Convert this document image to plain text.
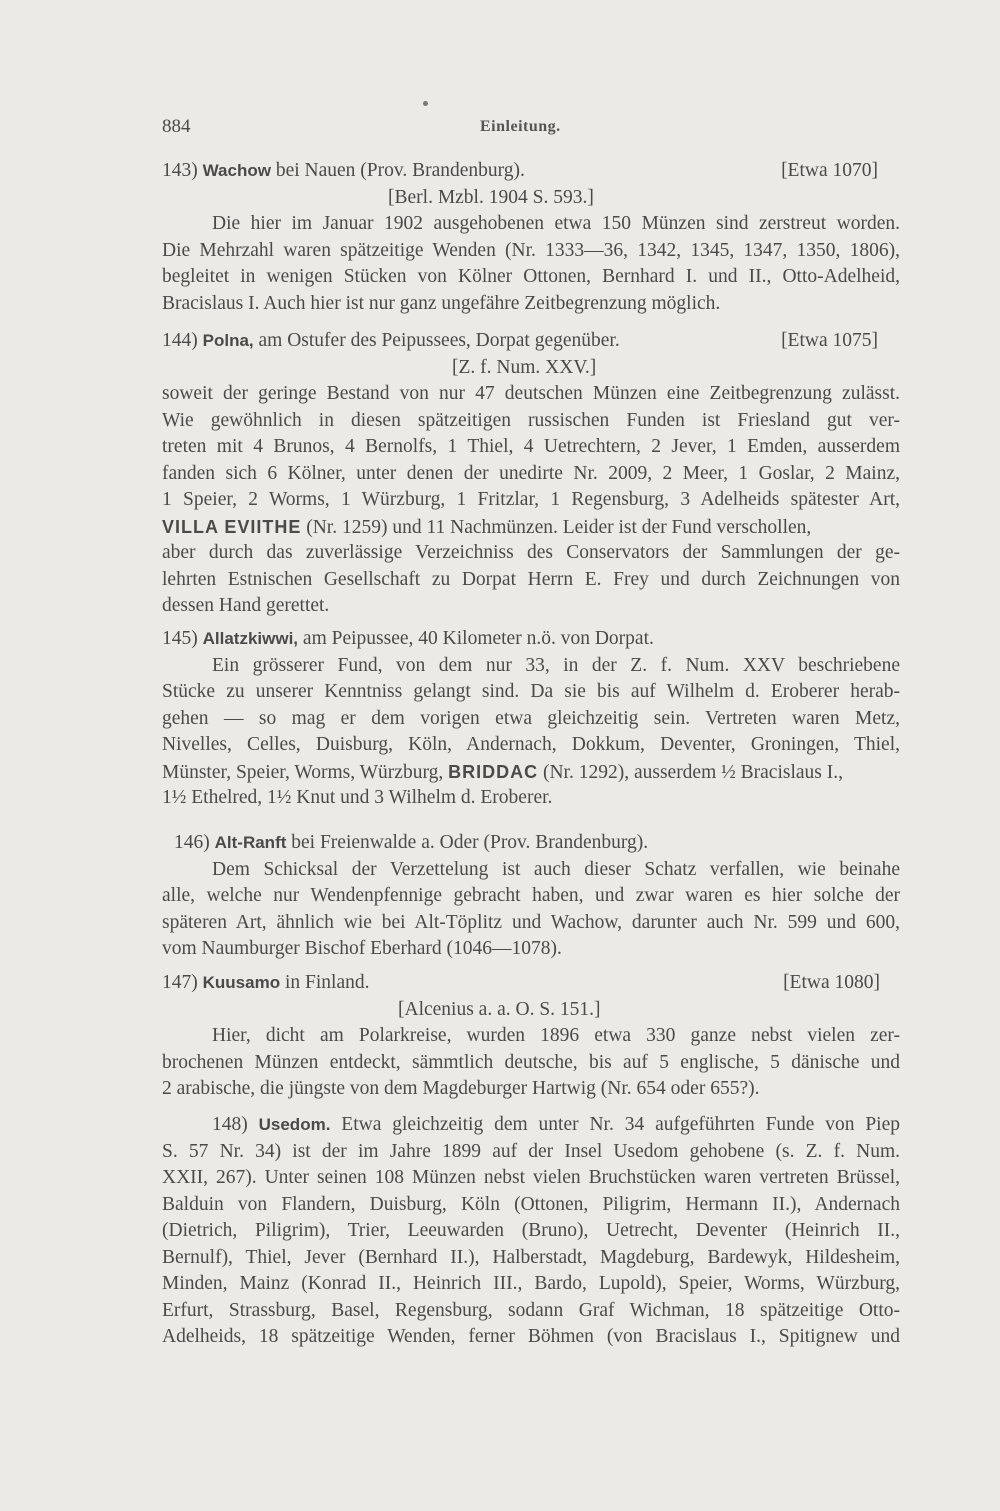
884	Einleitung.
143) Wachow bei Nauen (Prov. Brandenburg).	[Etwa 1070]
[Berl. Mzbl. 1904 S. 593.]
Die hier im Januar 1902 ausgehobenen etwa 150 Münzen sind zerstreut worden.
Die Mehrzahl waren spätzeitige Wenden (Nr. 1333—36, 1342, 1345, 1347, 1350, 1806),
begleitet in wenigen Stücken von Kölner Ottonen, Bernhard I. und II., Otto-Adelheid,
Bracislaus I. Auch hier ist nur ganz ungefähre Zeitbegrenzung möglich.
144) Polna, am Ostufer des Peipussees, Dorpat gegenüber.	[Etwa 1075]
[Z. f. Num. XXV.]
soweit der geringe Bestand von nur 47 deutschen Münzen eine Zeitbegrenzung zulässt.
Wie gewöhnlich in diesen spätzeitigen russischen Funden ist Friesland gut ver-
treten mit 4 Brunos, 4 Bernolfs, 1 Thiel, 4 Uetrechtern, 2 Jever, 1 Emden, ausserdem
fanden sich 6 Kölner, unter denen der unedirte Nr. 2009, 2 Meer, 1 Goslar, 2 Mainz,
1 Speier, 2 Worms, 1 Würzburg, 1 Fritzlar, 1 Regensburg, 3 Adelheids spätester Art,
VILLA EVIITHE (Nr. 1259) und 11 Nachmünzen. Leider ist der Fund verschollen,
aber durch das zuverlässige Verzeichniss des Conservators der Sammlungen der ge-
lehrten Estnischen Gesellschaft zu Dorpat Herrn E. Frey und durch Zeichnungen von
dessen Hand gerettet.
145) Allatzkiwwi, am Peipussee, 40 Kilometer n.ö. von Dorpat.
Ein grösserer Fund, von dem nur 33, in der Z. f. Num. XXV beschriebene
Stücke zu unserer Kenntniss gelangt sind. Da sie bis auf Wilhelm d. Eroberer herab-
gehen — so mag er dem vorigen etwa gleichzeitig sein. Vertreten waren Metz,
Nivelles, Celles, Duisburg, Köln, Andernach, Dokkum, Deventer, Groningen, Thiel,
Münster, Speier, Worms, Würzburg, BRIDDAC (Nr. 1292), ausserdem ½ Bracislaus I.,
1½ Ethelred, 1½ Knut und 3 Wilhelm d. Eroberer.
146) Alt-Ranft bei Freienwalde a. Oder (Prov. Brandenburg).
Dem Schicksal der Verzettelung ist auch dieser Schatz verfallen, wie beinahe
alle, welche nur Wendenpfennige gebracht haben, und zwar waren es hier solche der
späteren Art, ähnlich wie bei Alt-Töplitz und Wachow, darunter auch Nr. 599 und 600,
vom Naumburger Bischof Eberhard (1046—1078).
147) Kuusamo in Finland.	[Etwa 1080]
[Alcenius a. a. O. S. 151.]
Hier, dicht am Polarkreise, wurden 1896 etwa 330 ganze nebst vielen zer-
brochenen Münzen entdeckt, sämmtlich deutsche, bis auf 5 englische, 5 dänische und
2 arabische, die jüngste von dem Magdeburger Hartwig (Nr. 654 oder 655?).
148) Usedom. Etwa gleichzeitig dem unter Nr. 34 aufgeführten Funde von Piep
S. 57 Nr. 34) ist der im Jahre 1899 auf der Insel Usedom gehobene (s. Z. f. Num.
XXII, 267). Unter seinen 108 Münzen nebst vielen Bruchstücken waren vertreten Brüssel,
Balduin von Flandern, Duisburg, Köln (Ottonen, Piligrim, Hermann II.), Andernach
(Dietrich, Piligrim), Trier, Leeuwarden (Bruno), Uetrecht, Deventer (Heinrich II.,
Bernulf), Thiel, Jever (Bernhard II.), Halberstadt, Magdeburg, Bardewyk, Hildesheim,
Minden, Mainz (Konrad II., Heinrich III., Bardo, Lupold), Speier, Worms, Würzburg,
Erfurt, Strassburg, Basel, Regensburg, sodann Graf Wichman, 18 spätzeitige Otto-
Adelheids, 18 spätzeitige Wenden, ferner Böhmen (von Bracislaus I., Spitignew und
